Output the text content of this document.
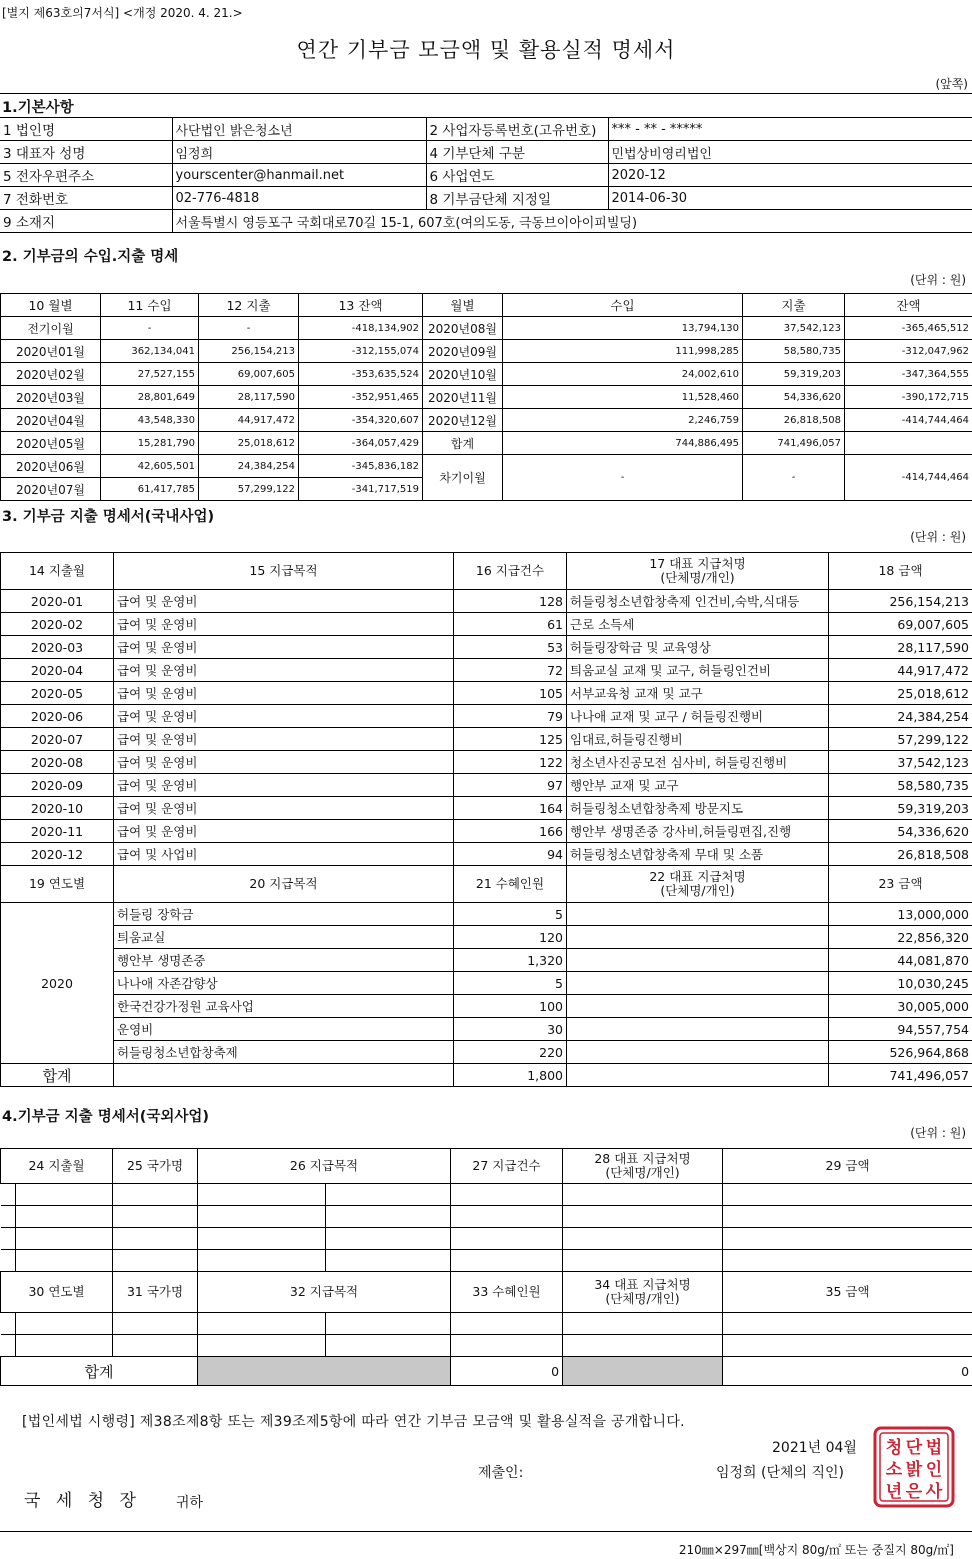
[별지 제63호의7서식] <개정 2020. 4. 21.>
연간 기부금 모금액 및 활용실적 명세서
(앞쪽)
1.기본사항
1 법인명	사단법인 밝은청소년	2 사업자등록번호(고유번호)	*** - ** - *****
3 대표자 성명	임정희	4 기부단체 구분	민법상비영리법인
5 전자우편주소	yourscenter@hanmail.net	6 사업연도	2020-12
7 전화번호	02-776-4818	8 기부금단체 지정일	2014-06-30
9 소재지	서울특별시 영등포구 국회대로70길 15-1, 607호(여의도동, 극동브이아이피빌딩)		
2. 기부금의 수입.지출 명세
(단위 : 원)
10 월별	11 수입	12 지출	13 잔액	월별	수입	지출	잔액
전기이월	-	-	-418,134,902	2020년08월	13,794,130	37,542,123	-365,465,512
2020년01월	362,134,041	256,154,213	-312,155,074	2020년09월	111,998,285	58,580,735	-312,047,962
2020년02월	27,527,155	69,007,605	-353,635,524	2020년10월	24,002,610	59,319,203	-347,364,555
2020년03월	28,801,649	28,117,590	-352,951,465	2020년11월	11,528,460	54,336,620	-390,172,715
2020년04월	43,548,330	44,917,472	-354,320,607	2020년12월	2,246,759	26,818,508	-414,744,464
2020년05월	15,281,790	25,018,612	-364,057,429	합계	744,886,495	741,496,057	
2020년06월	42,605,501	24,384,254	-345,836,182	차기이월	-	-	-414,744,464
2020년07월	61,417,785	57,299,122	-341,717,519				
3. 기부금 지출 명세서(국내사업)
(단위 : 원)
14 지출월	15 지급목적	16 지급건수	17 대표 지급처명
(단체명/개인)	18 금액
2020-01	급여 및 운영비	128	허들링청소년합창축제 인건비,숙박,식대등	256,154,213
2020-02	급여 및 운영비	61	근로 소득세	69,007,605
2020-03	급여 및 운영비	53	허들링장학금 및 교육영상	28,117,590
2020-04	급여 및 운영비	72	틔움교실 교재 및 교구, 허들링인건비	44,917,472
2020-05	급여 및 운영비	105	서부교육청 교재 및 교구	25,018,612
2020-06	급여 및 운영비	79	나나애 교재 및 교구 / 허들링진행비	24,384,254
2020-07	급여 및 운영비	125	임대료,허들링진행비	57,299,122
2020-08	급여 및 운영비	122	청소년사진공모전 심사비, 허들링진행비	37,542,123
2020-09	급여 및 운영비	97	행안부 교재 및 교구	58,580,735
2020-10	급여 및 운영비	164	허들링청소년합창축제 방문지도	59,319,203
2020-11	급여 및 운영비	166	행안부 생명존중 강사비,허들링편집,진행	54,336,620
2020-12	급여 및 사업비	94	허들링청소년합창축제 무대 및 소품	26,818,508
19 연도별	20 지급목적	21 수혜인원	22 대표 지급처명
(단체명/개인)	23 금액
2020	허들링 장학금	5		13,000,000
	틔움교실	120		22,856,320
	행안부 생명존중	1,320		44,081,870
	나나애 자존감향상	5		10,030,245
	한국건강가정원 교육사업	100		30,005,000
	운영비	30		94,557,754
	허들링청소년합창축제	220		526,964,868
합계		1,800		741,496,057
4.기부금 지출 명세서(국외사업)
(단위 : 원)
24 지출월		25 국가명	26 지급목적		27 지급건수	28 대표 지급처명
(단체명/개인)	29 금액

30 연도별		31 국가명	32 지급목적		33 수혜인원	34 대표 지급처명
(단체명/개인)	35 금액

합계					0		0
[법인세법 시행령] 제38조제8항 또는 제39조제5항에 따라 연간 기부금 모금액 및 활용실적을 공개합니다.
2021년 04월
제출인:	임정희 (단체의 직인)
국 세 청 장	귀하
210㎜×297㎜[백상지 80g/㎡ 또는 중질지 80g/㎡]
법
인
사
단
밝
은
청
소
년
